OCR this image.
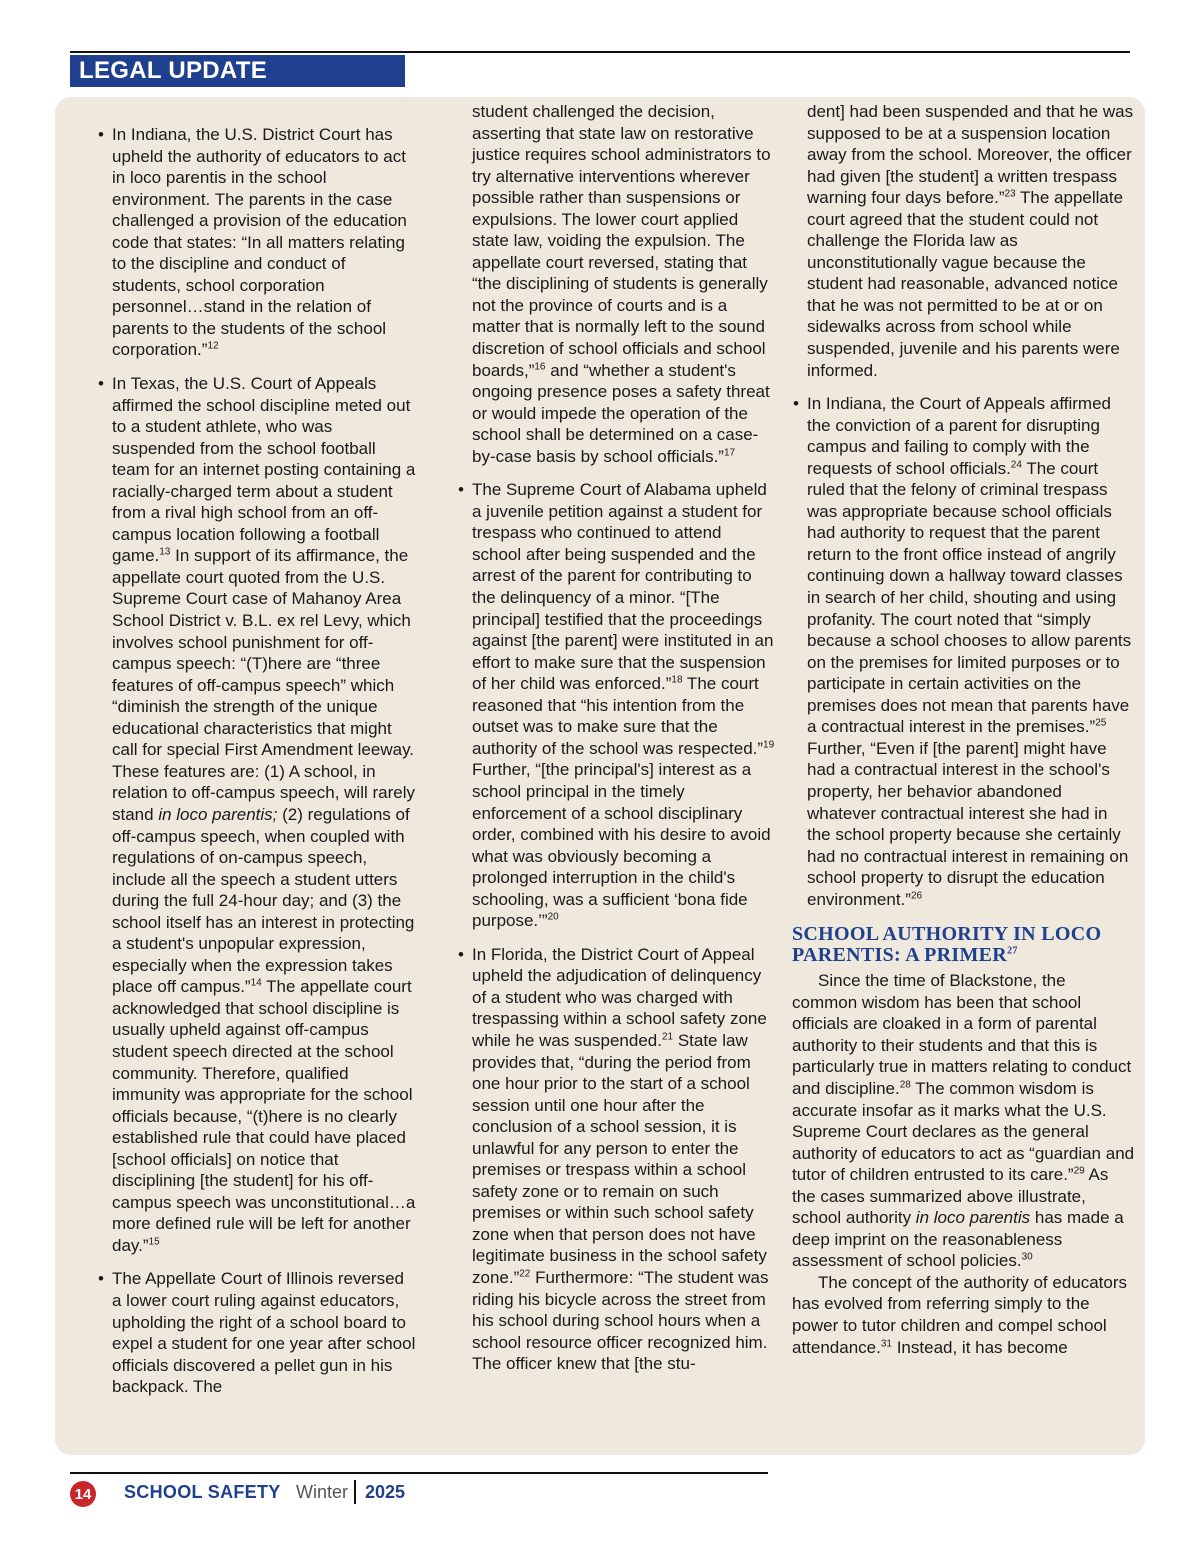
LEGAL UPDATE
• In Indiana, the U.S. District Court has upheld the authority of educators to act in loco parentis in the school environment. The parents in the case challenged a provision of the education code that states: “In all matters relating to the discipline and conduct of students, school corporation personnel…stand in the relation of parents to the students of the school corporation.”$^{12}$

• In Texas, the U.S. Court of Appeals affirmed the school discipline meted out to a student athlete, who was suspended from the school football team for an internet posting containing a racially-charged term about a student from a rival high school from an off-campus location following a football game.$^{13}$ In support of its affirmance, the appellate court quoted from the U.S. Supreme Court case of Mahanoy Area School District v. B.L. ex rel Levy, which involves school punishment for off-campus speech: “(T)here are “three features of off-campus speech” which “diminish the strength of the unique educational characteristics that might call for special First Amendment leeway. These features are: (1) A school, in relation to off-campus speech, will rarely stand in loco parentis; (2) regulations of off-campus speech, when coupled with regulations of on-campus speech, include all the speech a student utters during the full 24-hour day; and (3) the school itself has an interest in protecting a student's unpopular expression, especially when the expression takes place off campus.”$^{14}$ The appellate court acknowledged that school discipline is usually upheld against off-campus student speech directed at the school community. Therefore, qualified immunity was appropriate for the school officials because, “(t)here is no clearly established rule that could have placed [school officials] on notice that disciplining [the student] for his off-campus speech was unconstitutional…a more defined rule will be left for another day.”$^{15}$

• The Appellate Court of Illinois reversed a lower court ruling against educators, upholding the right of a school board to expel a student for one year after school officials discovered a pellet gun in his backpack. The

student challenged the decision, asserting that state law on restorative justice requires school administrators to try alternative interventions wherever possible rather than suspensions or expulsions. The lower court applied state law, voiding the expulsion. The appellate court reversed, stating that “the disciplining of students is generally not the province of courts and is a matter that is normally left to the sound discretion of school officials and school boards,”$^{16}$ and “whether a student's ongoing presence poses a safety threat or would impede the operation of the school shall be determined on a case-by-case basis by school officials.”$^{17}$
• The Supreme Court of Alabama upheld a juvenile petition against a student for trespass who continued to attend school after being suspended and the arrest of the parent for contributing to the delinquency of a minor. “[The principal] testified that the proceedings against [the parent] were instituted in an effort to make sure that the suspension of her child was enforced.”$^{18}$ The court reasoned that “his intention from the outset was to make sure that the authority of the school was respected.”$^{19}$ Further, “[the principal's] interest as a school principal in the timely enforcement of a school disciplinary order, combined with his desire to avoid what was obviously becoming a prolonged interruption in the child's schooling, was a sufficient ‘bona fide purpose.’”$^{20}$

• In Florida, the District Court of Appeal upheld the adjudication of delinquency of a student who was charged with trespassing within a school safety zone while he was suspended.$^{21}$ State law provides that, “during the period from one hour prior to the start of a school session until one hour after the conclusion of a school session, it is unlawful for any person to enter the premises or trespass within a school safety zone or to remain on such premises or within such school safety zone when that person does not have legitimate business in the school safety zone.”$^{22}$ Furthermore: “The student was riding his bicycle across the street from his school during school hours when a school resource officer recognized him. The officer knew that [the stu-

dent] had been suspended and that he was supposed to be at a suspension location away from the school. Moreover, the officer had given [the student] a written trespass warning four days before.”$^{23}$ The appellate court agreed that the student could not challenge the Florida law as unconstitutionally vague because the student had reasonable, advanced notice that he was not permitted to be at or on sidewalks across from school while suspended, juvenile and his parents were informed.
• In Indiana, the Court of Appeals affirmed the conviction of a parent for disrupting campus and failing to comply with the requests of school officials.$^{24}$ The court ruled that the felony of criminal trespass was appropriate because school officials had authority to request that the parent return to the front office instead of angrily continuing down a hallway toward classes in search of her child, shouting and using profanity. The court noted that “simply because a school chooses to allow parents on the premises for limited purposes or to participate in certain activities on the premises does not mean that parents have a contractual interest in the premises.”$^{25}$ Further, “Even if [the parent] might have had a contractual interest in the school's property, her behavior abandoned whatever contractual interest she had in the school property because she certainly had no contractual interest in remaining on school property to disrupt the education environment.”$^{26}$

SCHOOL AUTHORITY IN LOCO PARENTIS: A PRIMER$^{27}$

Since the time of Blackstone, the common wisdom has been that school officials are cloaked in a form of parental authority to their students and that this is particularly true in matters relating to conduct and discipline.$^{28}$ The common wisdom is accurate insofar as it marks what the U.S. Supreme Court declares as the general authority of educators to act as “guardian and tutor of children entrusted to its care.”$^{29}$ As the cases summarized above illustrate, school authority in loco parentis has made a deep imprint on the reasonableness assessment of school policies.$^{30}$

The concept of the authority of educators has evolved from referring simply to the power to tutor children and compel school attendance.$^{31}$ Instead, it has become

14 SCHOOL SAFETY Winter 2025
